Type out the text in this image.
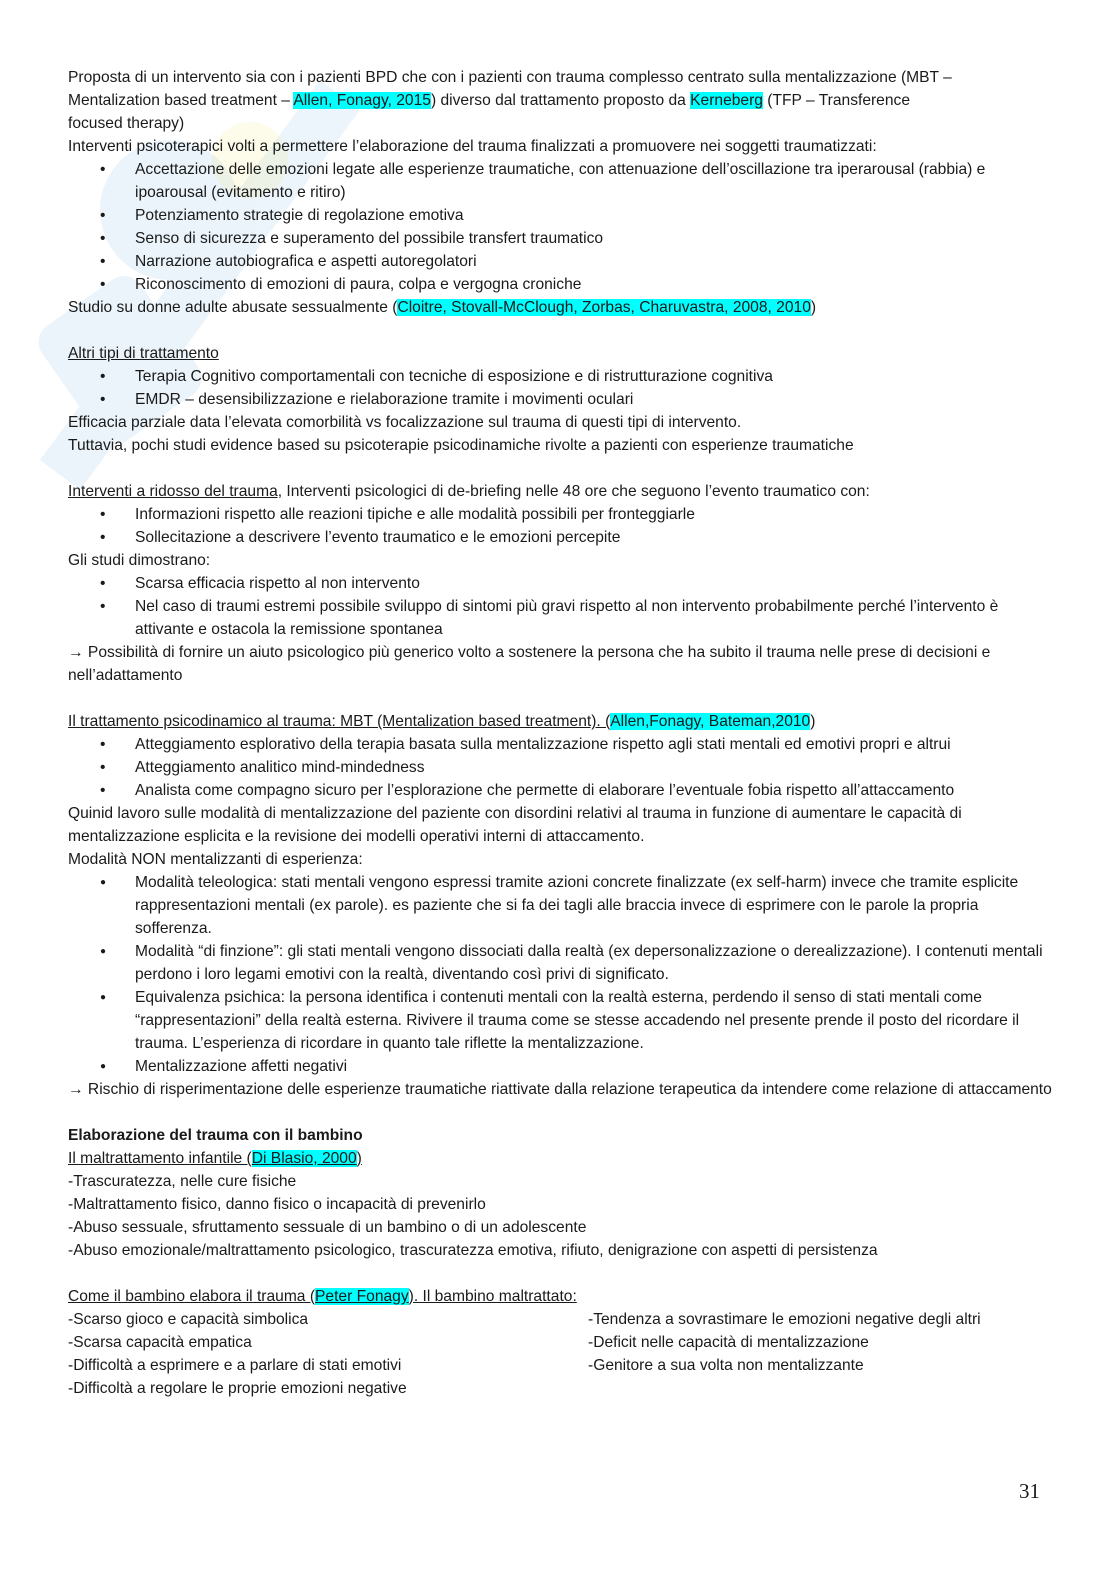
Proposta di un intervento sia con i pazienti BPD che con i pazienti con trauma complesso centrato sulla mentalizzazione (MBT –

Mentalization based treatment – Allen, Fonagy, 2015) diverso dal trattamento proposto da Kerneberg (TFP – Transference

focused therapy)

Interventi psicoterapici volti a permettere l’elaborazione del trauma finalizzati a promuovere nei soggetti traumatizzati:

• Accettazione delle emozioni legate alle esperienze traumatiche, con attenuazione dell’oscillazione tra iperarousal (rabbia) e ipoarousal (evitamento e ritiro)
• Potenziamento strategie di regolazione emotiva
• Senso di sicurezza e superamento del possibile transfert traumatico
• Narrazione autobiografica e aspetti autoregolatori
• Riconoscimento di emozioni di paura, colpa e vergogna croniche

Studio su donne adulte abusate sessualmente (Cloitre, Stovall-McClough, Zorbas, Charuvastra, 2008, 2010)

Altri tipi di trattamento

• Terapia Cognitivo comportamentali con tecniche di esposizione e di ristrutturazione cognitiva
• EMDR – desensibilizzazione e rielaborazione tramite i movimenti oculari

Efficacia parziale data l’elevata comorbilità vs focalizzazione sul trauma di questi tipi di intervento.

Tuttavia, pochi studi evidence based su psicoterapie psicodinamiche rivolte a pazienti con esperienze traumatiche

Interventi a ridosso del trauma, Interventi psicologici di de-briefing nelle 48 ore che seguono l’evento traumatico con:

• Informazioni rispetto alle reazioni tipiche e alle modalità possibili per fronteggiarle
• Sollecitazione a descrivere l’evento traumatico e le emozioni percepite

Gli studi dimostrano:

• Scarsa efficacia rispetto al non intervento
• Nel caso di traumi estremi possibile sviluppo di sintomi più gravi rispetto al non intervento probabilmente perché l’intervento è attivante e ostacola la remissione spontanea

→ Possibilità di fornire un aiuto psicologico più generico volto a sostenere la persona che ha subito il trauma nelle prese di decisioni e nell’adattamento

Il trattamento psicodinamico al trauma: MBT (Mentalization based treatment). (Allen,Fonagy, Bateman,2010)

• Atteggiamento esplorativo della terapia basata sulla mentalizzazione rispetto agli stati mentali ed emotivi propri e altrui
• Atteggiamento analitico mind-mindedness
• Analista come compagno sicuro per l’esplorazione che permette di elaborare l’eventuale fobia rispetto all’attaccamento

Quinid lavoro sulle modalità di mentalizzazione del paziente con disordini relativi al trauma in funzione di aumentare le capacità di mentalizzazione esplicita e la revisione dei modelli operativi interni di attaccamento.

Modalità NON mentalizzanti di esperienza:

● Modalità teleologica: stati mentali vengono espressi tramite azioni concrete finalizzate (ex self-harm) invece che tramite esplicite rappresentazioni mentali (ex parole). es paziente che si fa dei tagli alle braccia invece di esprimere con le parole la propria sofferenza.
● Modalità “di finzione”: gli stati mentali vengono dissociati dalla realtà (ex depersonalizzazione o derealizzazione). I contenuti mentali perdono i loro legami emotivi con la realtà, diventando così privi di significato.
● Equivalenza psichica: la persona identifica i contenuti mentali con la realtà esterna, perdendo il senso di stati mentali come “rappresentazioni” della realtà esterna. Rivivere il trauma come se stesse accadendo nel presente prende il posto del ricordare il trauma. L’esperienza di ricordare in quanto tale riflette la mentalizzazione.
● Mentalizzazione affetti negativi

→ Rischio di risperimentazione delle esperienze traumatiche riattivate dalla relazione terapeutica da intendere come relazione di attaccamento

Elaborazione del trauma con il bambino

Il maltrattamento infantile (Di Blasio, 2000)

-Trascuratezza, nelle cure fisiche

-Maltrattamento fisico, danno fisico o incapacità di prevenirlo

-Abuso sessuale, sfruttamento sessuale di un bambino o di un adolescente

-Abuso emozionale/maltrattamento psicologico, trascuratezza emotiva, rifiuto, denigrazione con aspetti di persistenza

Come il bambino elabora il trauma (Peter Fonagy). Il bambino maltrattato:

-Scarso gioco e capacità simbolica

-Scarsa capacità empatica

-Difficoltà a esprimere e a parlare di stati emotivi

-Difficoltà a regolare le proprie emozioni negative

-Tendenza a sovrastimare le emozioni negative degli altri

-Deficit nelle capacità di mentalizzazione

-Genitore a sua volta non mentalizzante

31
